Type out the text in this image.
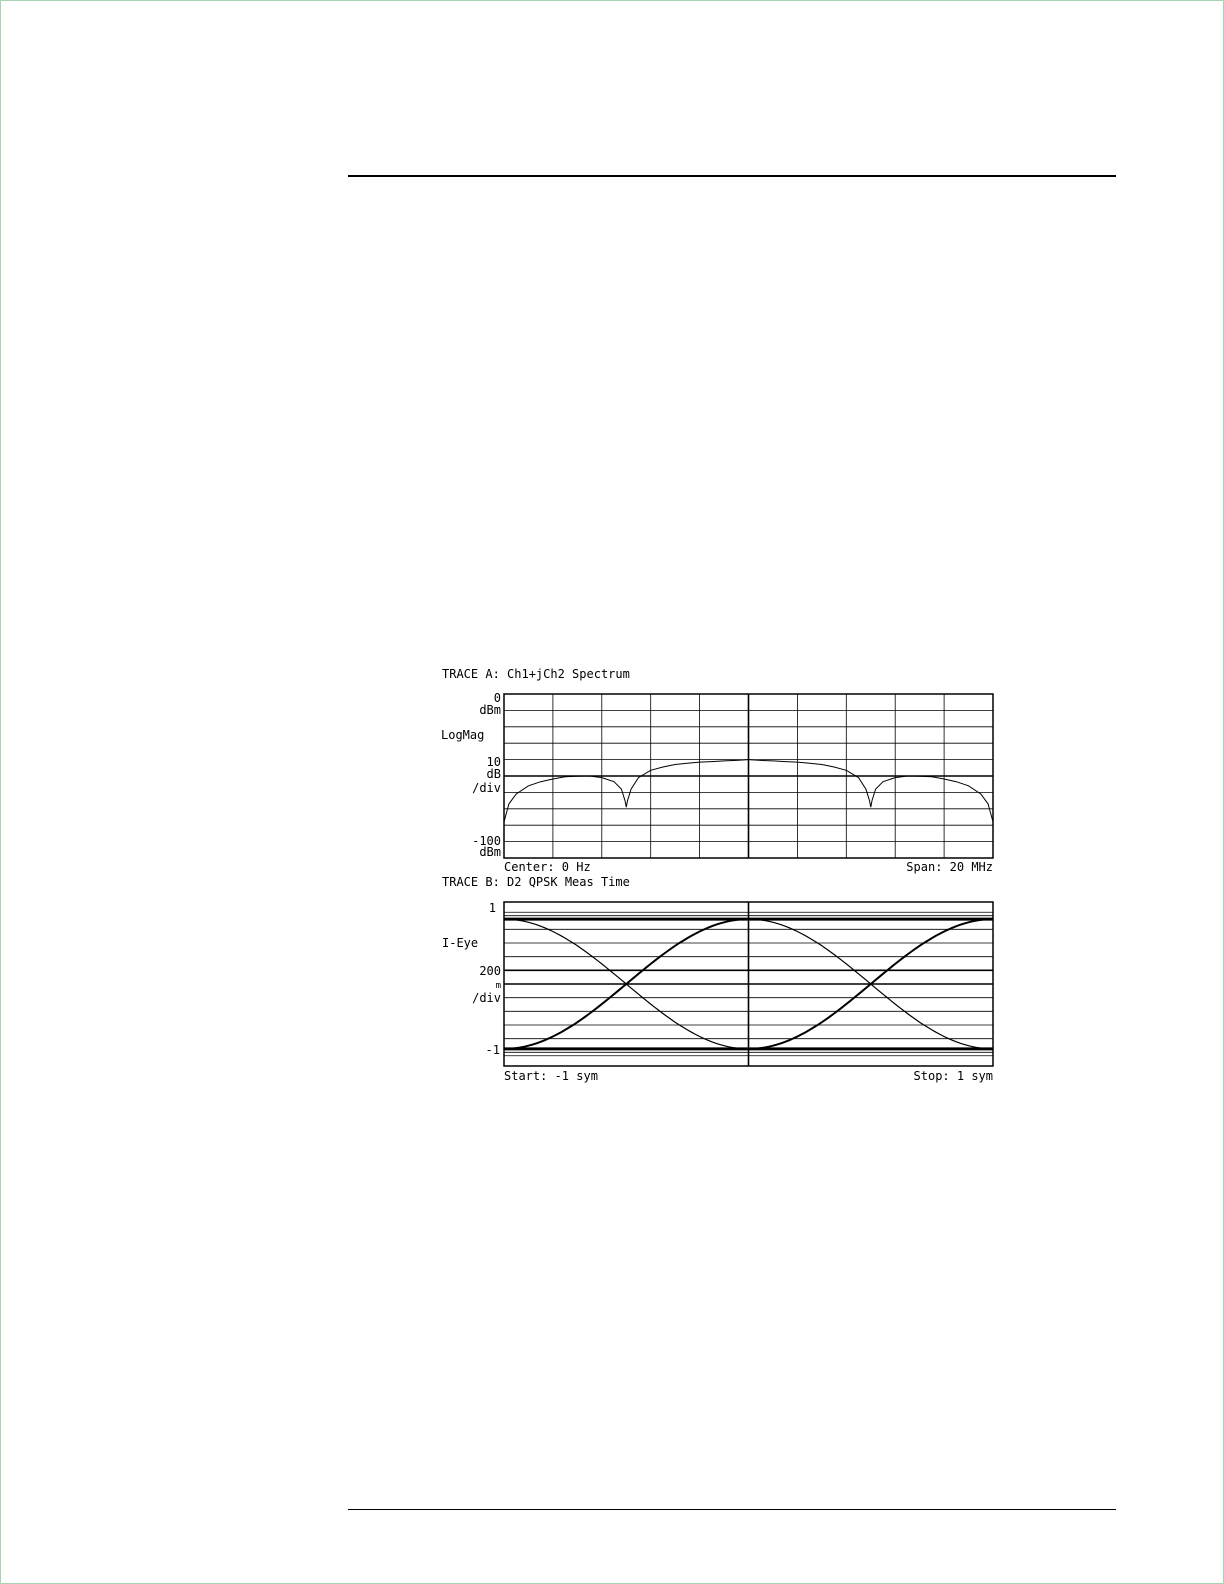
TRACE A: Ch1+jCh2 Spectrum
0
dBm
LogMag
10
dB
/div
-100
dBm
Center: 0 Hz	Span: 20 MHz
TRACE B: D2 QPSK Meas Time
1
I-Eye
200
m
/div
-1
Start: -1 sym	Stop: 1 sym
